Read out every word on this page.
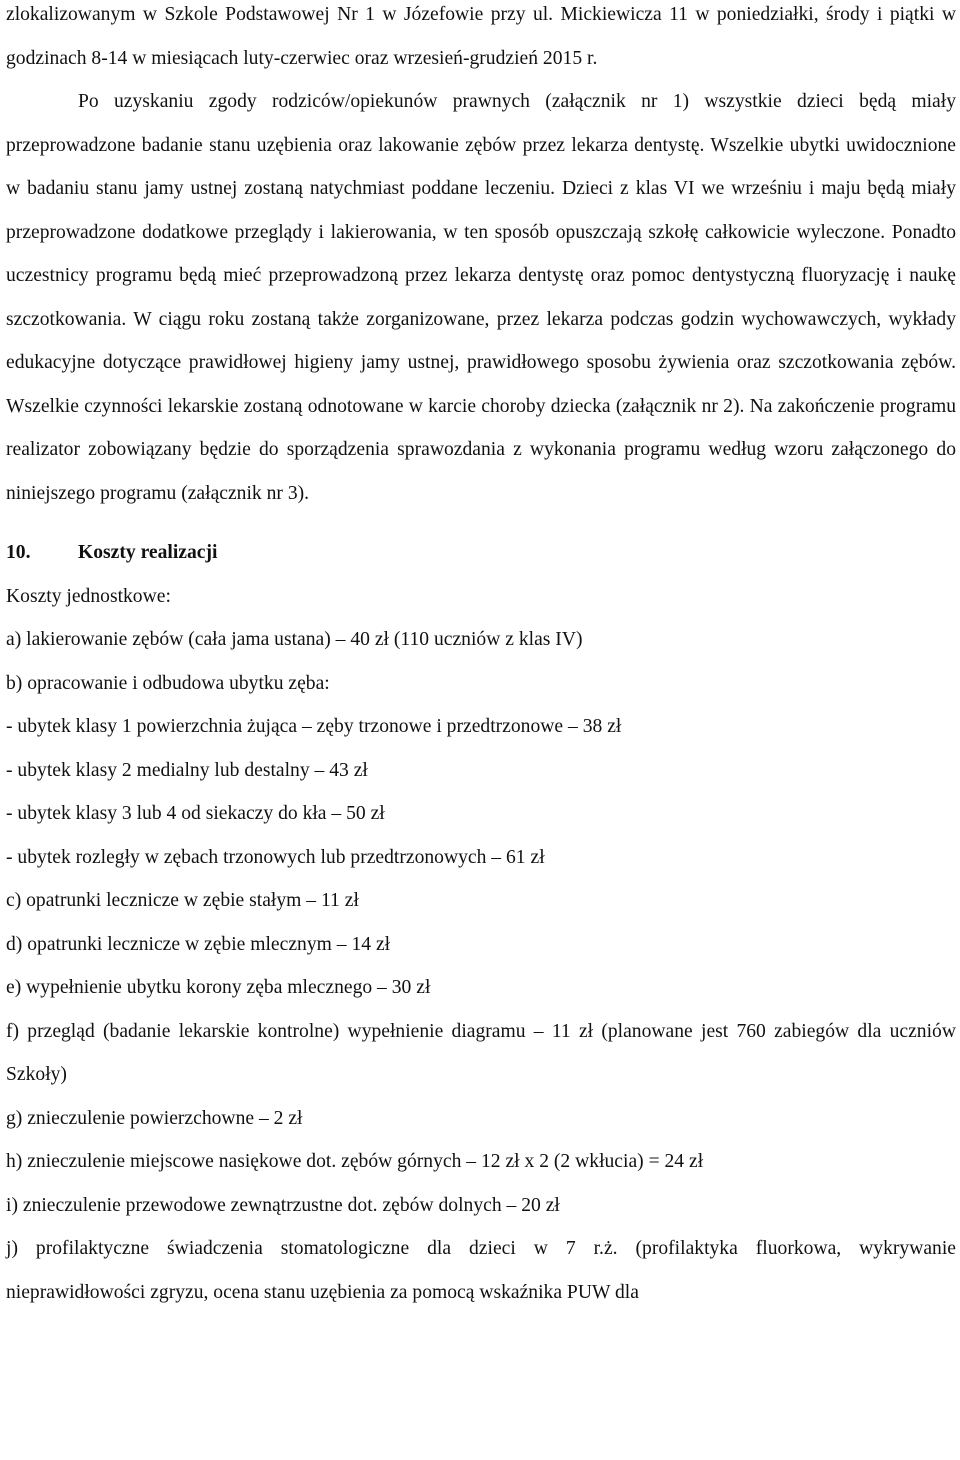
zlokalizowanym w Szkole Podstawowej Nr 1 w Józefowie przy ul. Mickiewicza 11 w poniedziałki, środy i piątki w godzinach 8-14 w miesiącach luty-czerwiec oraz wrzesień-grudzień 2015 r.

Po uzyskaniu zgody rodziców/opiekunów prawnych (załącznik nr 1) wszystkie dzieci będą miały przeprowadzone badanie stanu uzębienia oraz lakowanie zębów przez lekarza dentystę. Wszelkie ubytki uwidocznione w badaniu stanu jamy ustnej zostaną natychmiast poddane leczeniu. Dzieci z klas VI we wrześniu i maju będą miały przeprowadzone dodatkowe przeglądy i lakierowania, w ten sposób opuszczają szkołę całkowicie wyleczone. Ponadto uczestnicy programu będą mieć przeprowadzoną przez lekarza dentystę oraz pomoc dentystyczną fluoryzację i naukę szczotkowania. W ciągu roku zostaną także zorganizowane, przez lekarza podczas godzin wychowawczych, wykłady edukacyjne dotyczące prawidłowej higieny jamy ustnej, prawidłowego sposobu żywienia oraz szczotkowania zębów. Wszelkie czynności lekarskie zostaną odnotowane w karcie choroby dziecka (załącznik nr 2). Na zakończenie programu realizator zobowiązany będzie do sporządzenia sprawozdania z wykonania programu według wzoru załączonego do niniejszego programu (załącznik nr 3).

10.	Koszty realizacji

Koszty jednostkowe:

a) lakierowanie zębów (cała jama ustana) – 40 zł (110 uczniów z klas IV)
b) opracowanie i odbudowa ubytku zęba:
- ubytek klasy 1 powierzchnia żująca – zęby trzonowe i przedtrzonowe – 38 zł
- ubytek klasy 2 medialny lub destalny – 43 zł
- ubytek klasy 3 lub 4 od siekaczy do kła – 50 zł
- ubytek rozległy w zębach trzonowych lub przedtrzonowych – 61 zł
c) opatrunki lecznicze w zębie stałym – 11 zł
d) opatrunki lecznicze w zębie mlecznym – 14 zł
e) wypełnienie ubytku korony zęba mlecznego – 30 zł
f) przegląd (badanie lekarskie kontrolne) wypełnienie diagramu – 11 zł (planowane jest 760 zabiegów dla uczniów Szkoły)
g) znieczulenie powierzchowne – 2 zł
h) znieczulenie miejscowe nasiękowe dot. zębów górnych – 12 zł x 2 (2 wkłucia) = 24 zł
i) znieczulenie przewodowe zewnątrzustne dot. zębów dolnych – 20 zł
j) profilaktyczne świadczenia stomatologiczne dla dzieci w 7 r.ż. (profilaktyka fluorkowa, wykrywanie nieprawidłowości zgryzu, ocena stanu uzębienia za pomocą wskaźnika PUW dla
